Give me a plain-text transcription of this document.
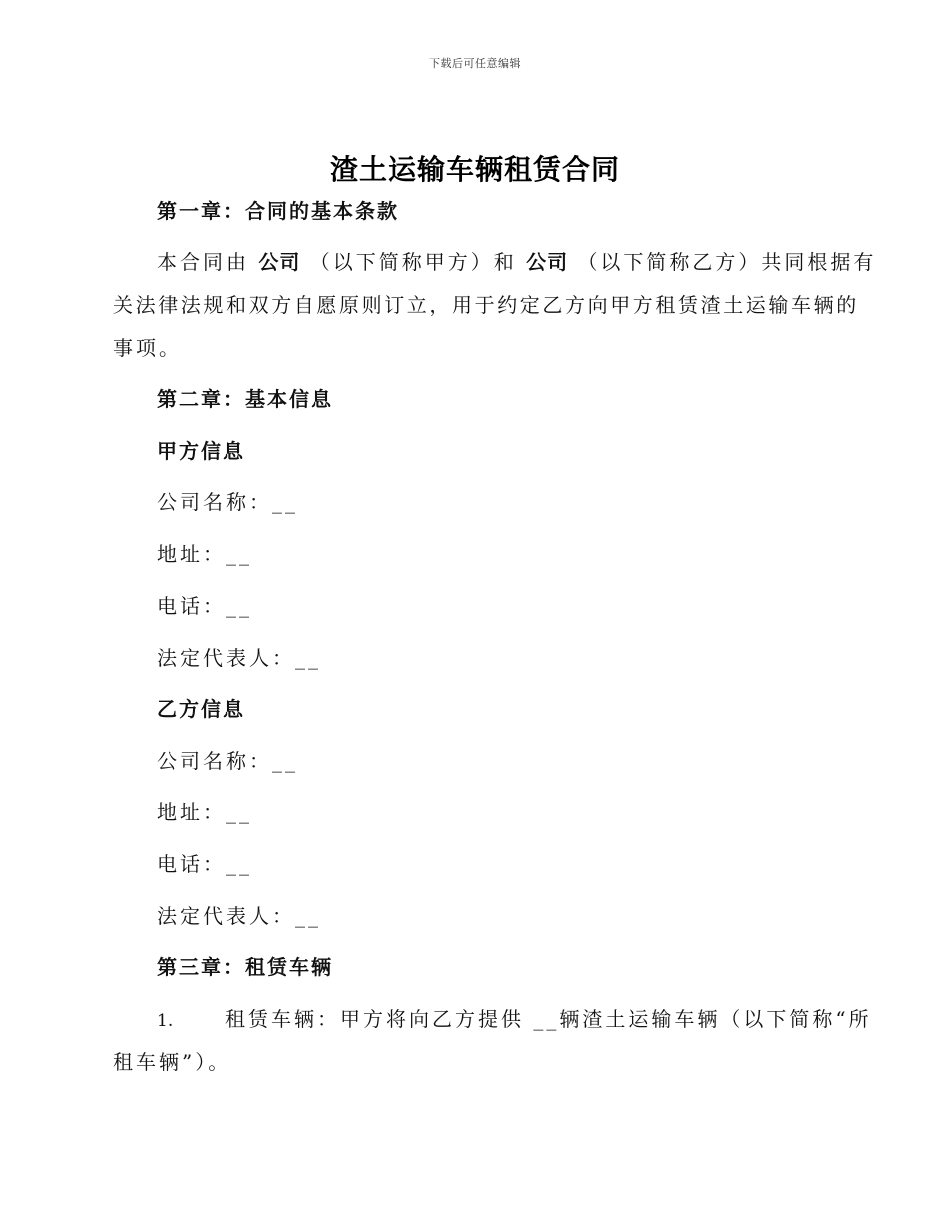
下载后可任意编辑
渣土运输车辆租赁合同
第一章：合同的基本条款
本合同由 公司 （以下简称甲方）和 公司 （以下简称乙方）共同根据有
关法律法规和双方自愿原则订立，用于约定乙方向甲方租赁渣土运输车辆的
事项。
第二章：基本信息
甲方信息
公司名称：__
地址：__
电话：__
法定代表人：__
乙方信息
公司名称：__
地址：__
电话：__
法定代表人：__
第三章：租赁车辆
1.	租赁车辆：甲方将向乙方提供 __辆渣土运输车辆（以下简称“所
租车辆”）。
